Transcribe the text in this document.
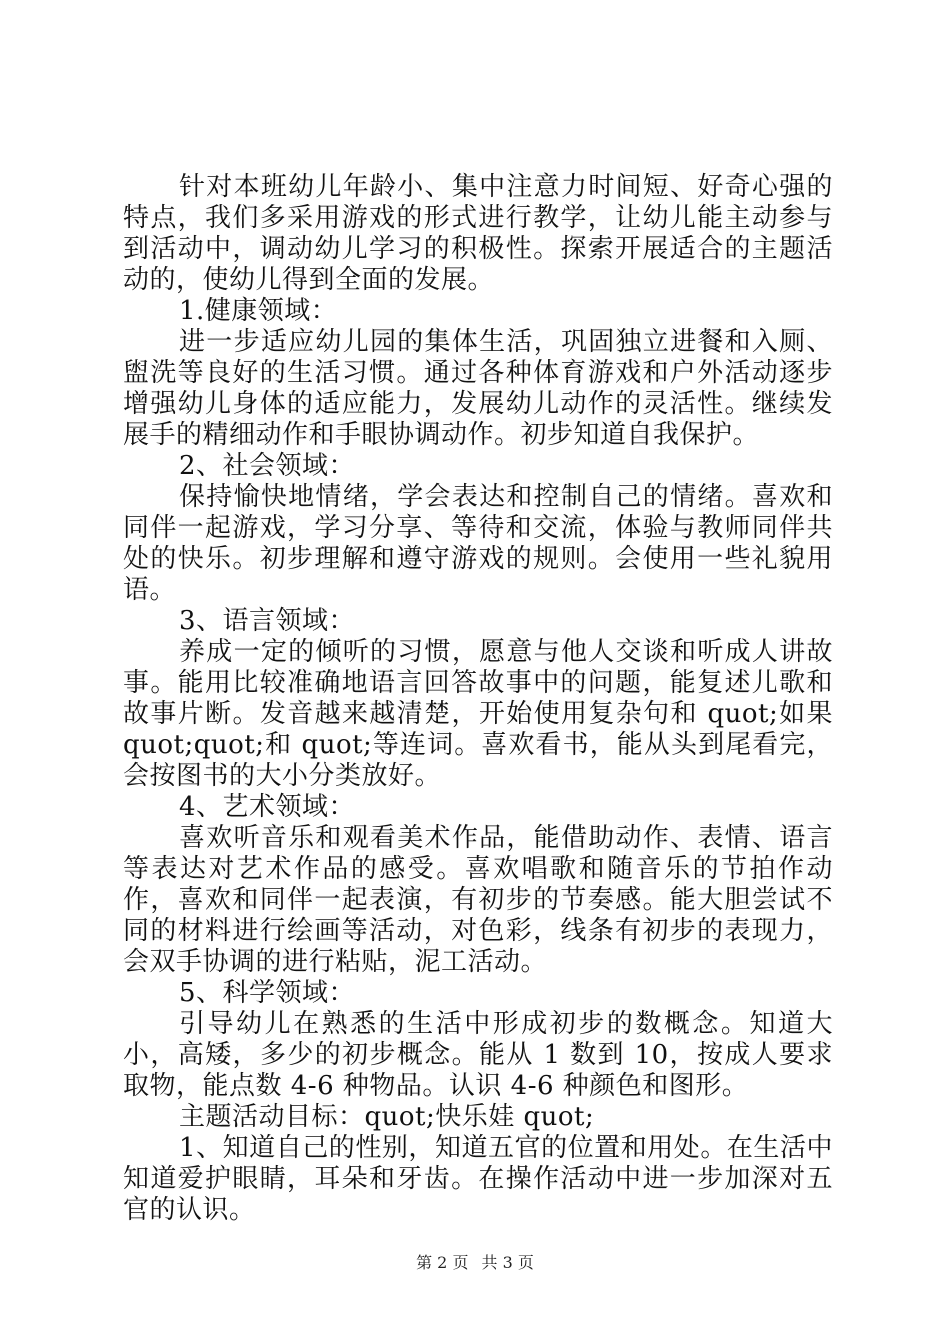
针对本班幼儿年龄小、集中注意力时间短、好奇心强的特点，我们多采用游戏的形式进行教学，让幼儿能主动参与到活动中，调动幼儿学习的积极性。探索开展适合的主题活动的，使幼儿得到全面的发展。

1.健康领域：

进一步适应幼儿园的集体生活，巩固独立进餐和入厕、盥洗等良好的生活习惯。通过各种体育游戏和户外活动逐步增强幼儿身体的适应能力，发展幼儿动作的灵活性。继续发展手的精细动作和手眼协调动作。初步知道自我保护。

2、社会领域：

保持愉快地情绪，学会表达和控制自己的情绪。喜欢和同伴一起游戏，学习分享、等待和交流，体验与教师同伴共处的快乐。初步理解和遵守游戏的规则。会使用一些礼貌用语。

3、语言领域：

养成一定的倾听的习惯，愿意与他人交谈和听成人讲故事。能用比较准确地语言回答故事中的问题，能复述儿歌和故事片断。发音越来越清楚，开始使用复杂句和 quot;如果quot;quot;和 quot;等连词。喜欢看书，能从头到尾看完，会按图书的大小分类放好。

4、艺术领域：

喜欢听音乐和观看美术作品，能借助动作、表情、语言等表达对艺术作品的感受。喜欢唱歌和随音乐的节拍作动作，喜欢和同伴一起表演，有初步的节奏感。能大胆尝试不同的材料进行绘画等活动，对色彩，线条有初步的表现力，会双手协调的进行粘贴，泥工活动。

5、科学领域：

引导幼儿在熟悉的生活中形成初步的数概念。知道大小，高矮，多少的初步概念。能从 1 数到 10，按成人要求取物，能点数 4-6 种物品。认识 4-6 种颜色和图形。

主题活动目标：quot;快乐娃 quot;

1、知道自己的性别，知道五官的位置和用处。在生活中知道爱护眼睛，耳朵和牙齿。在操作活动中进一步加深对五官的认识。

第 2 页 共 3 页
